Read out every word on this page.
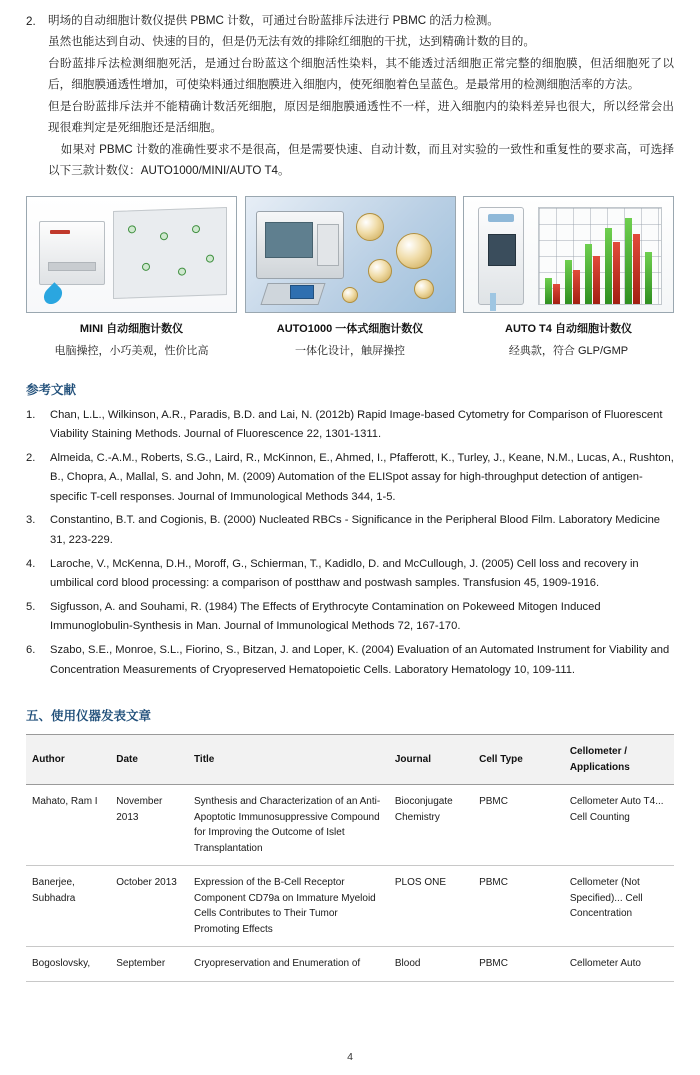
2.	明场的自动细胞计数仪提供 PBMC 计数，可通过台盼蓝排斥法进行 PBMC 的活力检测。

虽然也能达到自动、快速的目的，但是仍无法有效的排除红细胞的干扰，达到精确计数的目的。

台盼蓝排斥法检测细胞死活，是通过台盼蓝这个细胞活性染料，其不能透过活细胞正常完整的细胞膜，但活细胞死了以后，细胞膜通透性增加，可使染料通过细胞膜进入细胞内，使死细胞着色呈蓝色。是最常用的检测细胞活率的方法。

但是台盼蓝排斥法并不能精确计数活死细胞，原因是细胞膜通透性不一样，进入细胞内的染料差异也很大，所以经常会出现很难判定是死细胞还是活细胞。

如果对 PBMC 计数的准确性要求不是很高，但是需要快速、自动计数，而且对实验的一致性和重复性的要求高，可选择以下三款计数仪：AUTO1000/MINI/AUTO T4。

MINI 自动细胞计数仪
电脑操控，小巧美观，性价比高
AUTO1000 一体式细胞计数仪
一体化设计，触屏操控
AUTO T4 自动细胞计数仪
经典款，符合 GLP/GMP
参考文献
1.	Chan, L.L., Wilkinson, A.R., Paradis, B.D. and Lai, N. (2012b) Rapid Image-based Cytometry for Comparison of Fluorescent Viability Staining Methods. Journal of Fluorescence 22, 1301-1311.
2.	Almeida, C.-A.M., Roberts, S.G., Laird, R., McKinnon, E., Ahmed, I., Pfafferott, K., Turley, J., Keane, N.M., Lucas, A., Rushton, B., Chopra, A., Mallal, S. and John, M. (2009) Automation of the ELISpot assay for high-throughput detection of antigen-specific T-cell responses. Journal of Immunological Methods 344, 1-5.
3.	Constantino, B.T. and Cogionis, B. (2000) Nucleated RBCs - Significance in the Peripheral Blood Film. Laboratory Medicine 31, 223-229.
4.	Laroche, V., McKenna, D.H., Moroff, G., Schierman, T., Kadidlo, D. and McCullough, J. (2005) Cell loss and recovery in umbilical cord blood processing: a comparison of postthaw and postwash samples. Transfusion 45, 1909-1916.
5.	Sigfusson, A. and Souhami, R. (1984) The Effects of Erythrocyte Contamination on Pokeweed Mitogen Induced Immunoglobulin-Synthesis in Man. Journal of Immunological Methods 72, 167-170.
6.	Szabo, S.E., Monroe, S.L., Fiorino, S., Bitzan, J. and Loper, K. (2004) Evaluation of an Automated Instrument for Viability and Concentration Measurements of Cryopreserved Hematopoietic Cells. Laboratory Hematology 10, 109-111.
五、使用仪器发表文章
Author	Date	Title	Journal	Cell Type	Cellometer / Applications
Mahato, Ram I	November 2013	Synthesis and Characterization of an Anti-Apoptotic Immunosuppressive Compound for Improving the Outcome of Islet Transplantation	Bioconjugate Chemistry	PBMC	Cellometer Auto T4... Cell Counting
Banerjee, Subhadra	October 2013	Expression of the B-Cell Receptor Component CD79a on Immature Myeloid Cells Contributes to Their Tumor Promoting Effects	PLOS ONE	PBMC	Cellometer (Not Specified)... Cell Concentration
Bogoslovsky,	September	Cryopreservation and Enumeration of	Blood	PBMC	Cellometer Auto
4
